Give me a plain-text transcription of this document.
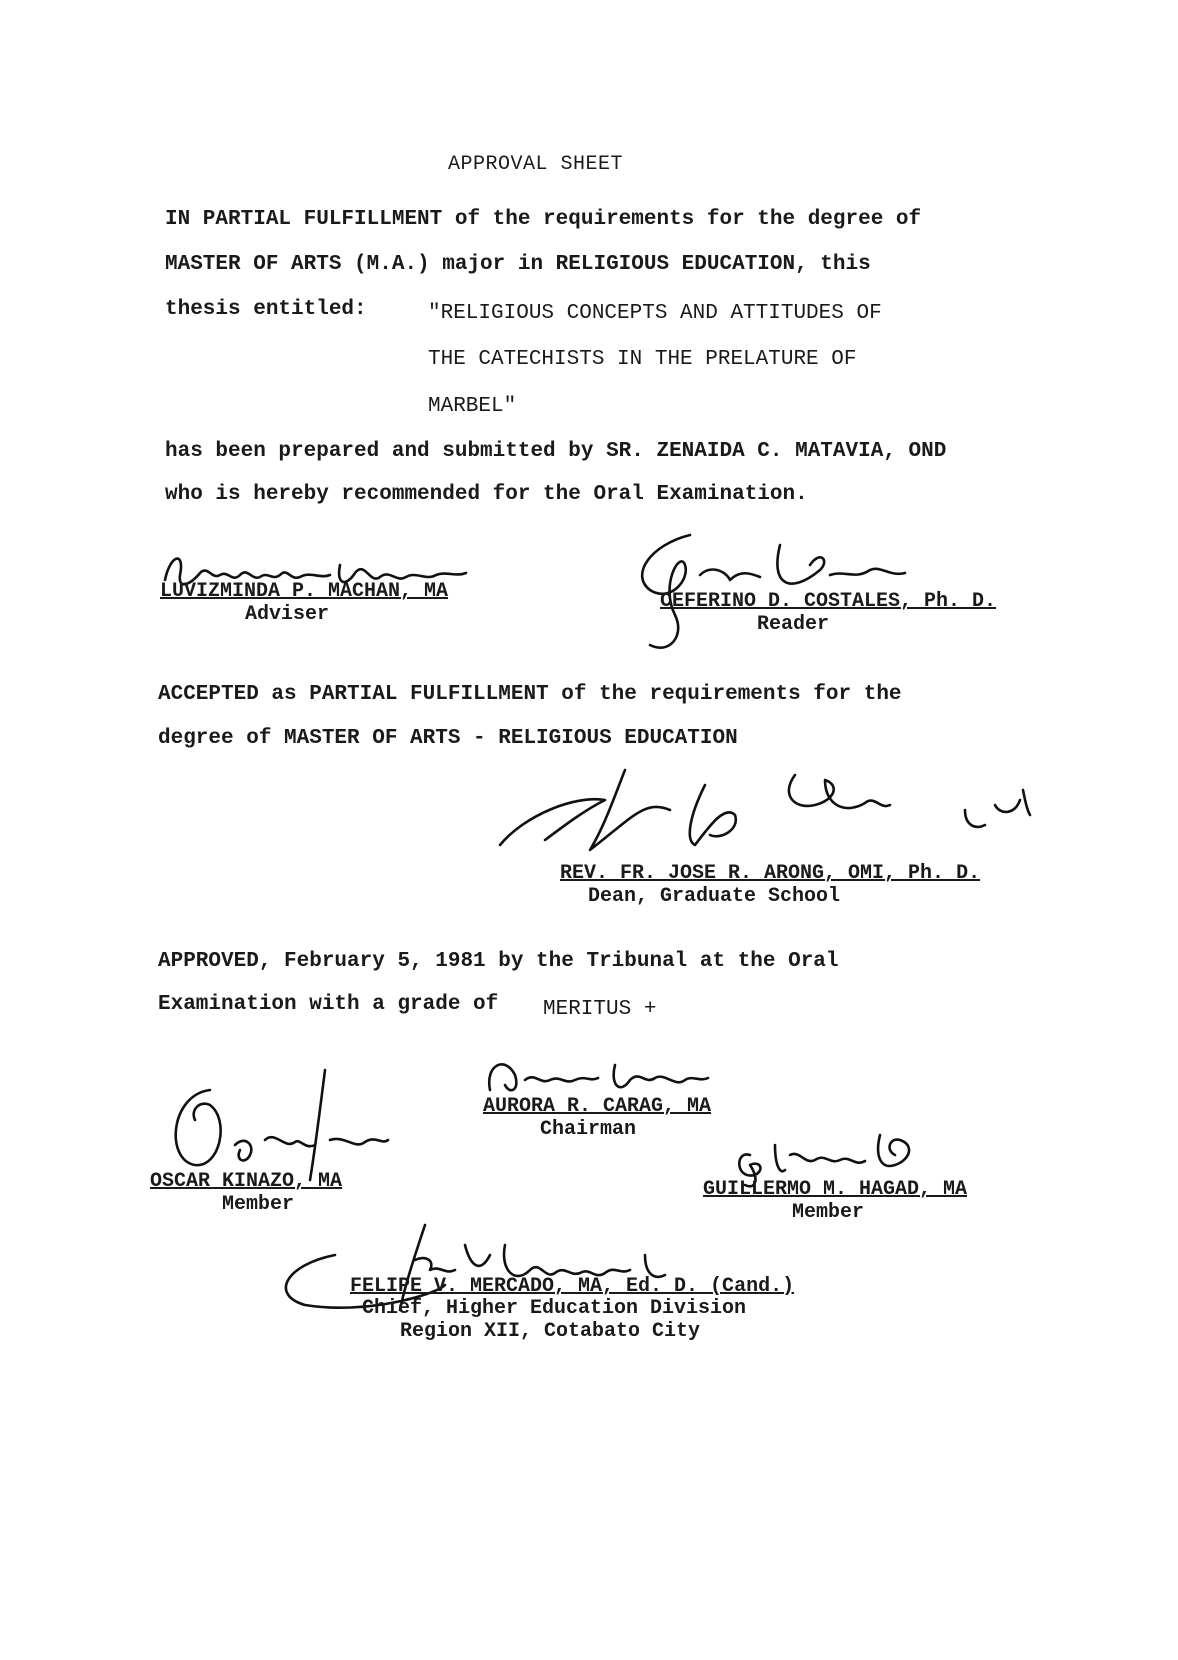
APPROVAL SHEET
IN PARTIAL FULFILLMENT of the requirements for the degree of
MASTER OF ARTS (M.A.) major in RELIGIOUS EDUCATION, this
thesis entitled:	"RELIGIOUS CONCEPTS AND ATTITUDES OF
THE CATECHISTS IN THE PRELATURE OF
MARBEL"
has been prepared and submitted by SR. ZENAIDA C. MATAVIA, OND
who is hereby recommended for the Oral Examination.
LUVIZMINDA P. MACHAN, MA
Adviser
CEFERINO D. COSTALES, Ph. D.
Reader
ACCEPTED as PARTIAL FULFILLMENT of the requirements for the
degree of MASTER OF ARTS - RELIGIOUS EDUCATION
REV. FR. JOSE R. ARONG, OMI, Ph. D.
Dean, Graduate School
APPROVED, February 5, 1981 by the Tribunal at the Oral
Examination with a grade of MERITUS +
AURORA R. CARAG, MA
Chairman
OSCAR KINAZO, MA
Member
GUILLERMO M. HAGAD, MA
Member
FELIPE V. MERCADO, MA, Ed. D. (Cand.)
Chief, Higher Education Division
Region XII, Cotabato City
